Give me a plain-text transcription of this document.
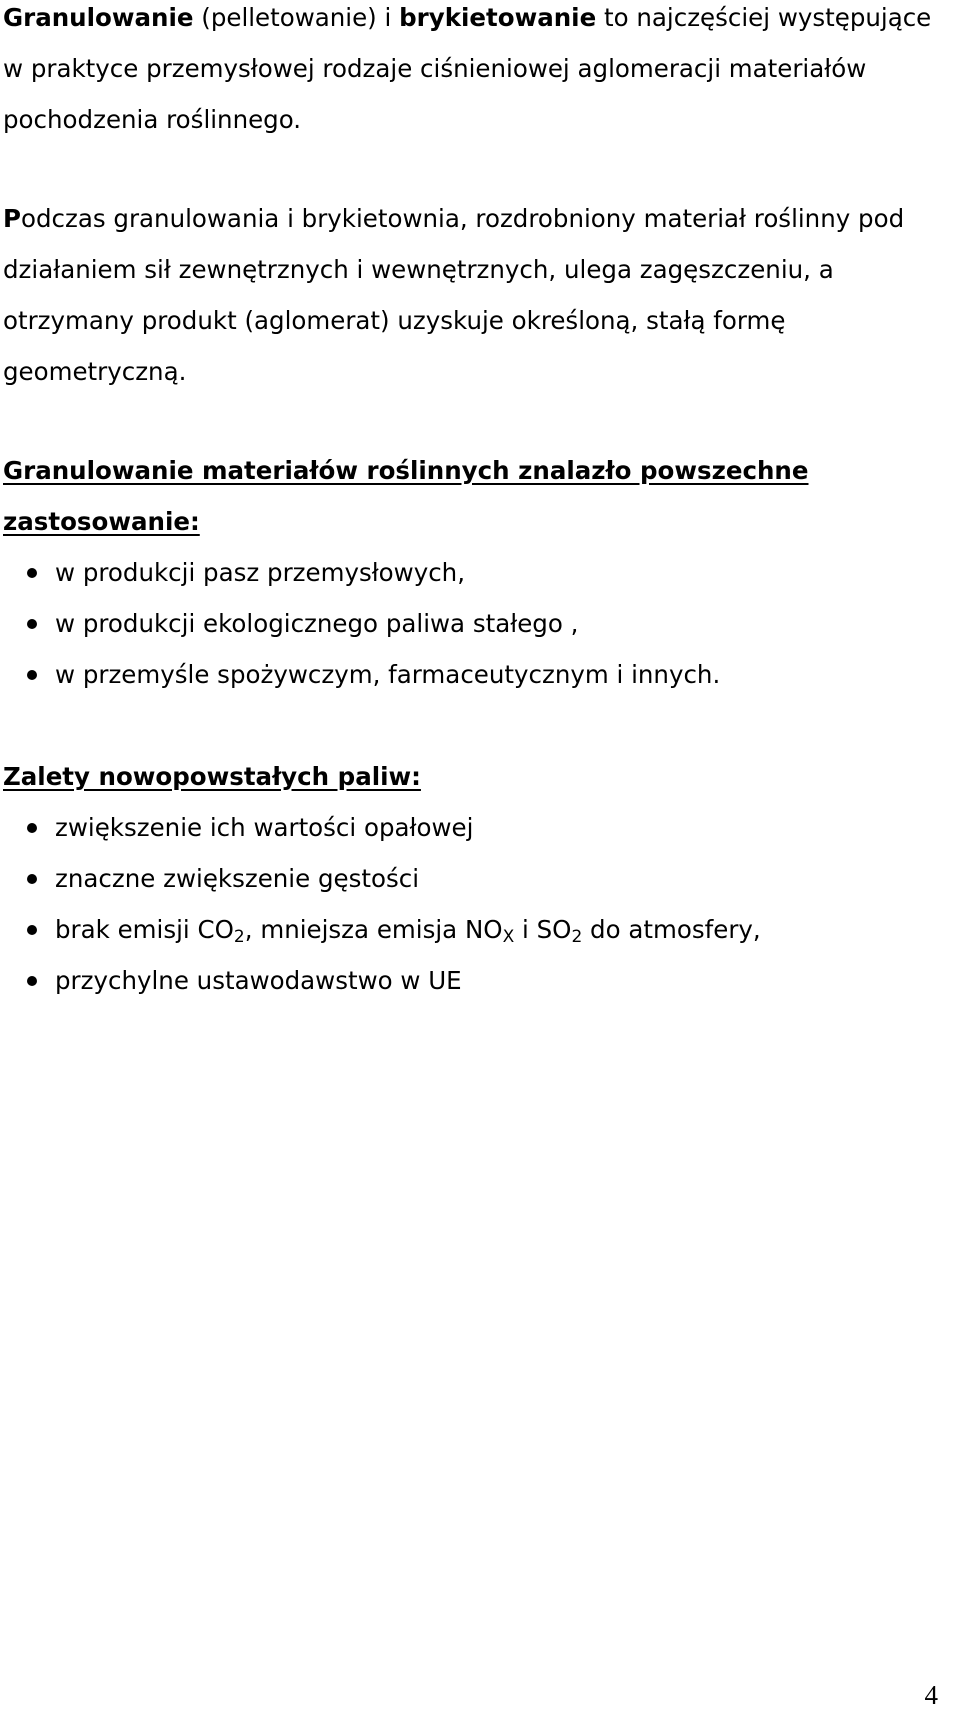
Granulowanie (pelletowanie) i brykietowanie to najczęściej występujące
w praktyce przemysłowej rodzaje ciśnieniowej aglomeracji materiałów
pochodzenia roślinnego.

Podczas granulowania i brykietownia, rozdrobniony materiał roślinny pod
działaniem sił zewnętrznych i wewnętrznych, ulega zagęszczeniu, a
otrzymany produkt (aglomerat) uzyskuje określoną, stałą formę
geometryczną.

Granulowanie materiałów roślinnych znalazło powszechne
zastosowanie:
w produkcji pasz przemysłowych,
w produkcji ekologicznego paliwa stałego ,
w przemyśle spożywczym, farmaceutycznym i innych.
Zalety nowopowstałych paliw:
zwiększenie ich wartości opałowej
znaczne zwiększenie gęstości
brak emisji $CO_2$, mniejsza emisja $NO_X$ i $SO_2$ do atmosfery,
przychylne ustawodawstwo w UE
4
